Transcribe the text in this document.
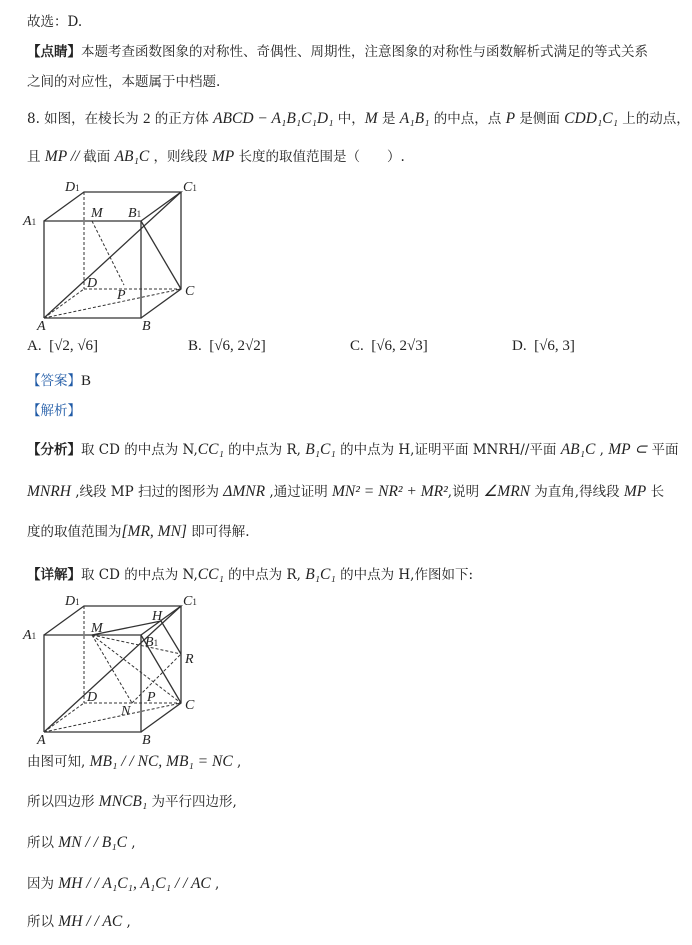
故选：D.
【点睛】本题考查函数图象的对称性、奇偶性、周期性，注意图象的对称性与函数解析式满足的等式关系
之间的对应性，本题属于中档题.
8. 如图，在棱长为 2 的正方体 ABCD − A₁B₁C₁D₁ 中，M 是 A₁B₁ 的中点，点 P 是侧面 CDD₁C₁ 上的动点，
且 MP // 截面 AB₁C ，则线段 MP 长度的取值范围是（　　）.
【答案】B
【解析】
【分析】取 CD 的中点为 N,CC₁ 的中点为 R, B₁C₁ 的中点为 H,证明平面 MNRH//平面 AB₁C , MP ⊂ 平面
MNRH ,线段 MP 扫过的图形为 ΔMNR ,通过证明 MN² = NR² + MR²,说明 ∠MRN 为直角,得线段 MP 长
度的取值范围为[MR, MN] 即可得解.
【详解】取 CD 的中点为 N,CC₁ 的中点为 R, B₁C₁ 的中点为 H,作图如下:
由图可知, MB₁ / / NC, MB₁ = NC ,
所以四边形 MNCB₁ 为平行四边形,
所以 MN / / B₁C ,
因为 MH / / A₁C₁, A₁C₁ / / AC ,
所以 MH / / AC ,
A. [√2, √6]	B. [√6, 2√2]	C. [√6, 2√3]	D. [√6, 3]
A	B
C
D
A1
B1
C1
D1
M
P
A	B
C
D
A1	B1
C1
D1
M
H
R
N
P
